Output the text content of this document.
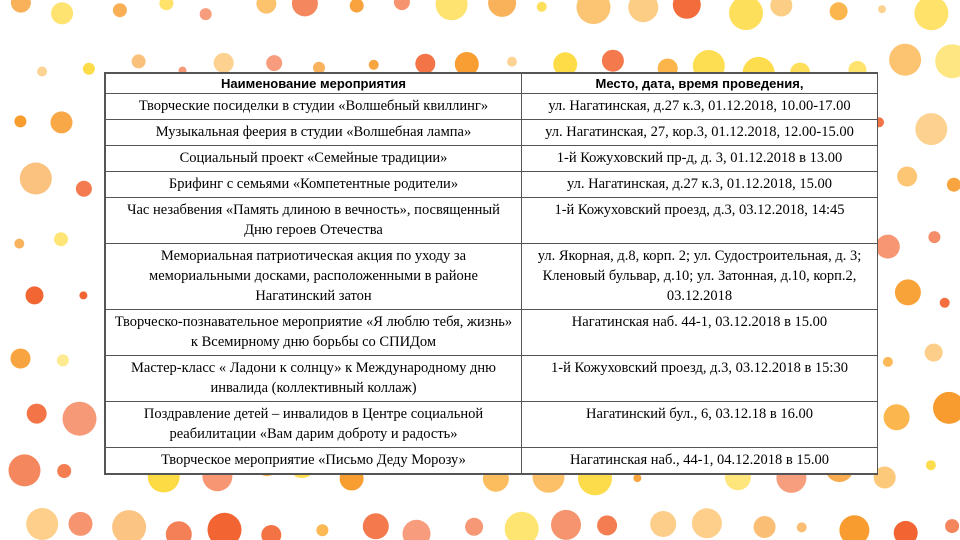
Наименование мероприятия	Место, дата, время проведения,
Творческие посиделки в студии «Волшебный квиллинг»	ул. Нагатинская, д.27 к.3, 01.12.2018, 10.00-17.00
Музыкальная феерия в студии «Волшебная лампа»	ул. Нагатинская, 27, кор.3, 01.12.2018, 12.00-15.00
Социальный проект «Семейные традиции»	1-й Кожуховский пр-д, д. 3, 01.12.2018 в 13.00
Брифинг с семьями «Компетентные родители»	ул. Нагатинская, д.27 к.3, 01.12.2018, 15.00
Час незабвения «Память длиною в вечность», посвященный Дню героев Отечества	1-й Кожуховский проезд, д.3, 03.12.2018, 14:45
Мемориальная патриотическая акция по уходу за мемориальными досками, расположенными в районе Нагатинский затон	ул. Якорная, д.8, корп. 2; ул. Судостроительная, д. 3; Кленовый бульвар, д.10; ул. Затонная, д.10, корп.2, 03.12.2018
Творческо-познавательное мероприятие «Я люблю тебя, жизнь» к Всемирному дню борьбы со СПИДом	Нагатинская наб. 44-1, 03.12.2018 в 15.00
Мастер-класс « Ладони к солнцу» к Международному дню инвалида (коллективный коллаж)	1-й Кожуховский проезд, д.3, 03.12.2018 в 15:30
Поздравление детей – инвалидов в Центре социальной реабилитации «Вам дарим доброту и радость»	Нагатинский бул., 6, 03.12.18 в 16.00
Творческое мероприятие «Письмо Деду Морозу»	Нагатинская наб., 44-1, 04.12.2018 в 15.00
